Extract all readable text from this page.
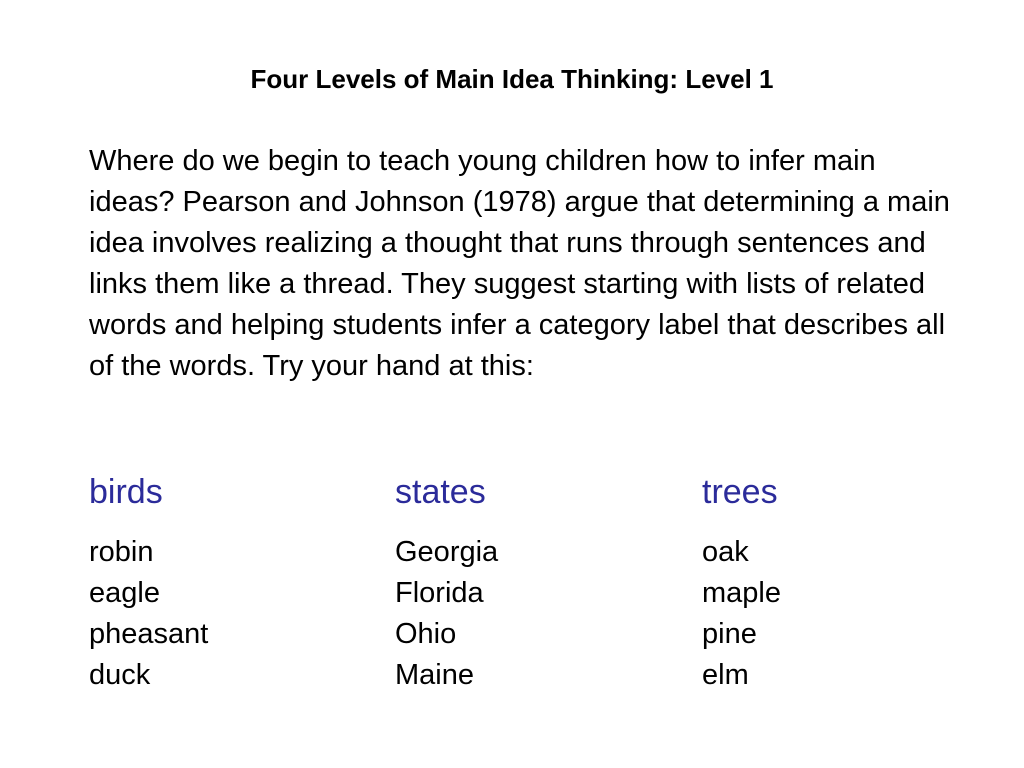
Four Levels of Main Idea Thinking: Level 1

Where do we begin to teach young children how to infer main ideas? Pearson and Johnson (1978) argue that determining a main idea involves realizing a thought that runs through sentences and links them like a thread. They suggest starting with lists of related words and helping students infer a category label that describes all of the words. Try your hand at this:

birds
robin
eagle
pheasant
duck
states
Georgia
Florida
Ohio
Maine
trees
oak
maple
pine
elm
